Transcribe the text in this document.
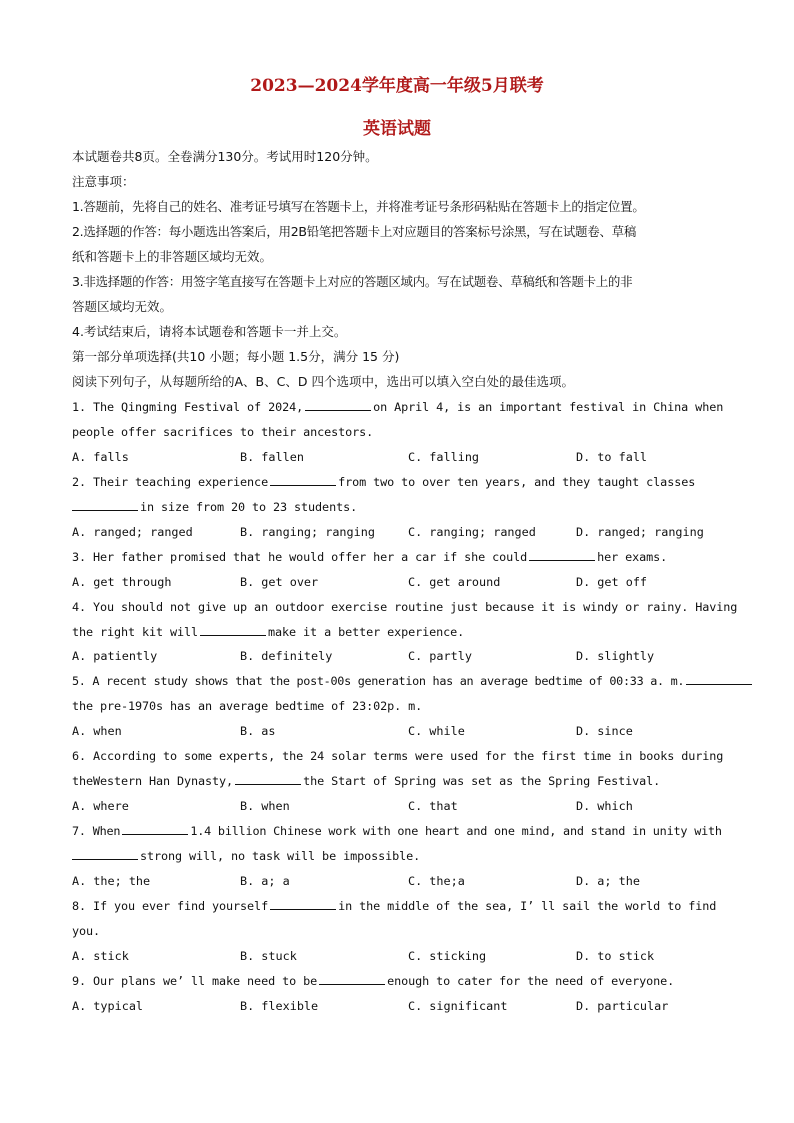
2023—2024学年度高一年级5月联考
英语试题
本试题卷共8页。全卷满分130分。考试用时120分钟。
注意事项：
1.答题前，先将自己的姓名、准考证号填写在答题卡上，并将准考证号条形码粘贴在答题卡上的指定位置。
2.选择题的作答：每小题选出答案后，用2B铅笔把答题卡上对应题目的答案标号涂黑，写在试题卷、草稿
纸和答题卡上的非答题区域均无效。
3.非选择题的作答：用签字笔直接写在答题卡上对应的答题区域内。写在试题卷、草稿纸和答题卡上的非
答题区域均无效。
4.考试结束后，请将本试题卷和答题卡一并上交。
第一部分单项选择(共10 小题；每小题 1.5分，满分 15 分)
阅读下列句子，从每题所给的A、B、C、D 四个选项中，选出可以填入空白处的最佳选项。
1. The Qingming Festival of 2024,	on April 4, is an important festival in China when
people offer sacrifices to their ancestors.
A. falls	B. fallen	C. falling	D. to fall
2. Their teaching experience	from two to over ten years, and they taught classes
in size from 20 to 23 students.
A. ranged; ranged	B. ranging; ranging	C. ranging; ranged	D. ranged; ranging
3. Her father promised that he would offer her a car if she could	her exams.
A. get through	B. get over	C. get around	D. get off
4. You should not give up an outdoor exercise routine just because it is windy or rainy. Having
the right kit will	make it a better experience.
A. patiently	B. definitely	C. partly	D. slightly
5. A recent study shows that the post-00s generation has an average bedtime of 00:33 a. m.
the pre-1970s has an average bedtime of 23:02p. m.
A. when	B. as	C. while	D. since
6. According to some experts, the 24 solar terms were used for the first time in books during
theWestern Han Dynasty,	the Start of Spring was set as the Spring Festival.
A. where	B. when	C. that	D. which
7. When	1.4 billion Chinese work with one heart and one mind, and stand in unity with
strong will, no task will be impossible.
A. the; the	B. a; a	C. the;a	D. a; the
8. If you ever find yourself	in the middle of the sea, I’ ll sail the world to find
you.
A. stick	B. stuck	C. sticking	D. to stick
9. Our plans we’ ll make need to be	enough to cater for the need of everyone.
A. typical	B. flexible	C. significant	D. particular
